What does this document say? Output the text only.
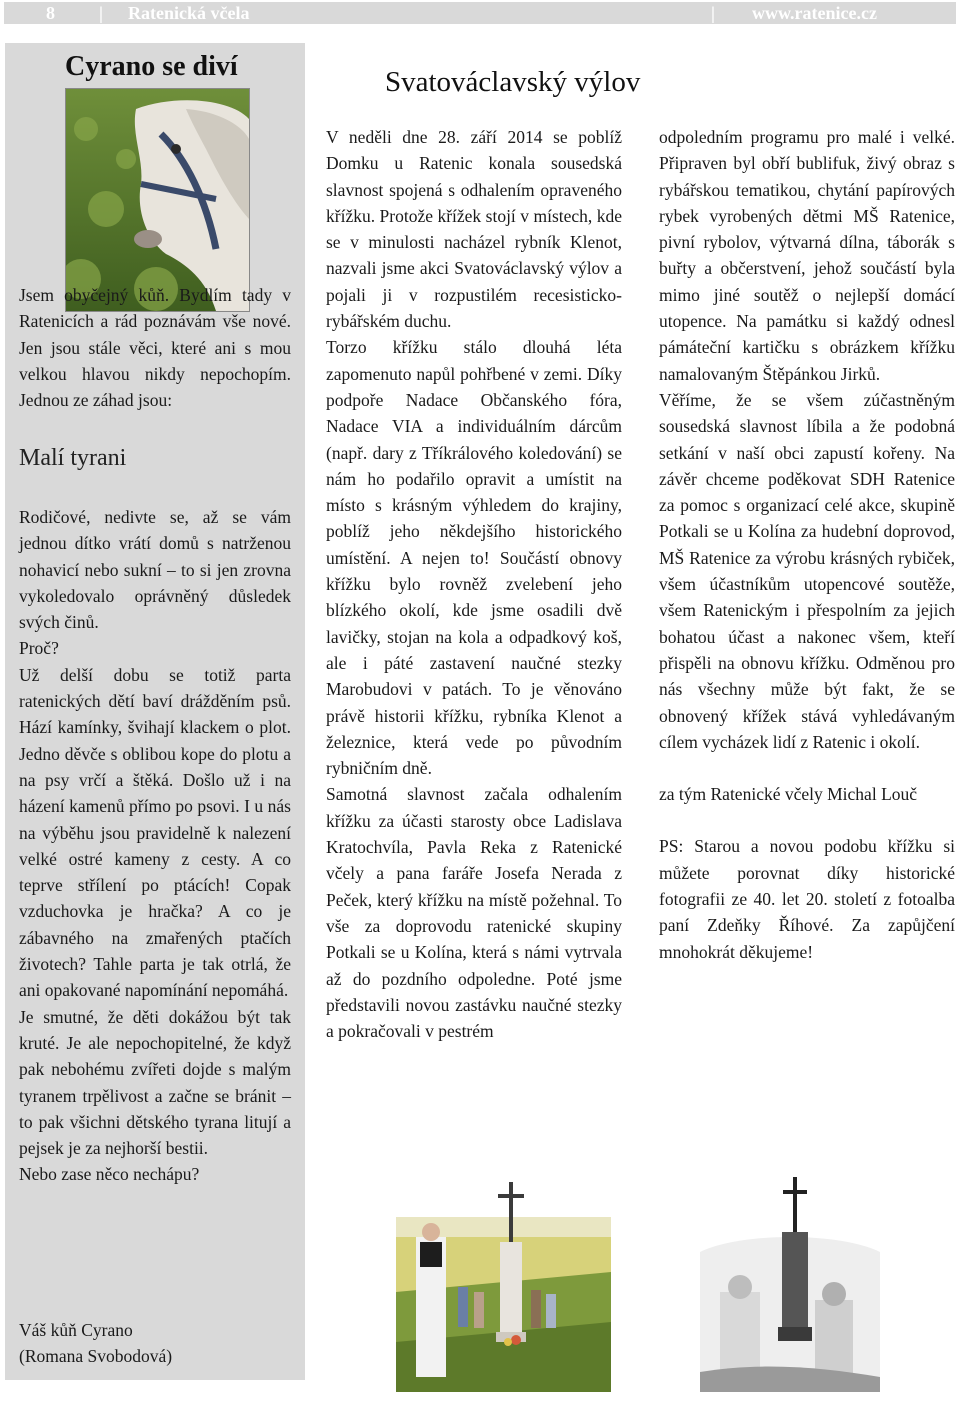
8 | Ratenická včela	| www.ratenice.cz
Cyrano se diví

Jsem obyčejný kůň. Bydlím tady v Ratenicích a rád poznávám vše nové. Jen jsou stále věci, které ani s mou velkou hlavou nikdy nepochopím. Jednou ze záhad jsou:

Malí tyrani

Rodičové, nedivte se, až se vám jednou dítko vrátí domů s natrženou nohavicí nebo sukní – to si jen zrovna vykoledovalo oprávněný důsledek svých činů.

Proč?

Už delší dobu se totiž parta ratenických dětí baví drážděním psů. Hází kamínky, švihají klackem o plot. Jedno děvče s oblibou kope do plotu a na psy vrčí a štěká. Došlo už i na házení kamenů přímo po psovi. I u nás na výběhu jsou pravidelně k nalezení velké ostré kameny z cesty. A co teprve střílení po ptácích! Copak vzduchovka je hračka? A co je zábavného na zmařených ptačích životech? Tahle parta je tak otrlá, že ani opakované napomínání nepomáhá.

Je smutné, že děti dokážou být tak kruté. Je ale nepochopitelné, že když pak nebohému zvířeti dojde s malým tyranem trpělivost a začne se bránit – to pak všichni dětského tyrana litují a pejsek je za nejhorší bestii.

Nebo zase něco nechápu?

Váš kůň Cyrano

(Romana Svobodová)

Svatováclavský výlov

V neděli dne 28. září 2014 se poblíž Domku u Ratenic konala sousedská slavnost spojená s odhalením opraveného křížku. Protože křížek stojí v místech, kde se v minulosti nacházel rybník Klenot, nazvali jsme akci Svatováclavský výlov a pojali ji v rozpustilém recesisticko-rybářském duchu.

Torzo křížku stálo dlouhá léta zapomenuto napůl pohřbené v zemi. Díky podpoře Nadace Občanského fóra, Nadace VIA a individuálním dárcům (např. dary z Tříkrálového koledování) se nám ho podařilo opravit a umístit na místo s krásným výhledem do krajiny, poblíž jeho někdejšího historického umístění. A nejen to! Součástí obnovy křížku bylo rovněž zvelebení jeho blízkého okolí, kde jsme osadili dvě lavičky, stojan na kola a odpadkový koš, ale i páté zastavení naučné stezky Marobudovi v patách. To je věnováno právě historii křížku, rybníka Klenot a železnice, která vede po původním rybničním dně.

Samotná slavnost začala odhalením křížku za účasti starosty obce Ladislava Kratochvíla, Pavla Reka z Ratenické včely a pana faráře Josefa Nerada z Peček, který křížku na místě požehnal. To vše za doprovodu ratenické skupiny Potkali se u Kolína, která s námi vytrvala až do pozdního odpoledne. Poté jsme představili novou zastávku naučné stezky a pokračovali v pestrém

odpoledním programu pro malé i velké. Připraven byl obří bublifuk, živý obraz s rybářskou tematikou, chytání papírových rybek vyrobených dětmi MŠ Ratenice, pivní rybolov, výtvarná dílna, táborák s buřty a občerstvení, jehož součástí byla mimo jiné soutěž o nejlepší domácí utopence. Na památku si každý odnesl pámáteční kartičku s obrázkem křížku namalovaným Štěpánkou Jirků.

Věříme, že se všem zúčastněným sousedská slavnost líbila a že podobná setkání v naší obci zapustí kořeny. Na závěr chceme poděkovat SDH Ratenice za pomoc s organizací celé akce, skupině Potkali se u Kolína za hudební doprovod, MŠ Ratenice za výrobu krásných rybiček, všem účastníkům utopencové soutěže, všem Ratenickým i přespolním za jejich bohatou účast a nakonec všem, kteří přispěli na obnovu křížku. Odměnou pro nás všechny může být fakt, že se obnovený křížek stává vyhledávaným cílem vycházek lidí z Ratenic i okolí.

za tým Ratenické včely Michal Louč

PS: Starou a novou podobu křížku si můžete porovnat díky historické fotografii ze 40. let 20. století z fotoalba paní Zdeňky Říhové. Za zapůjčení mnohokrát děkujeme!
